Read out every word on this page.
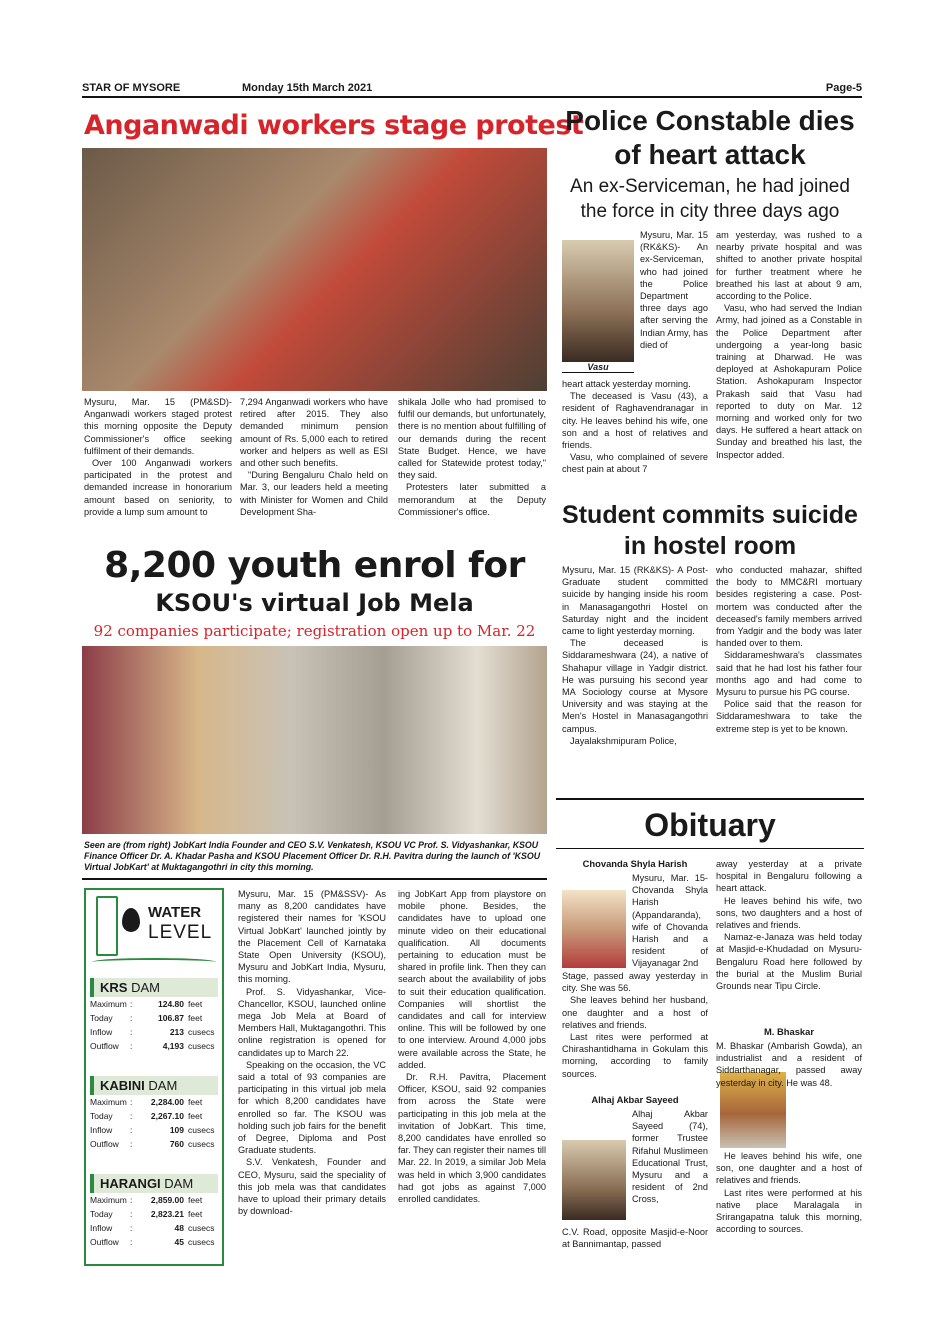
STAR OF MYSORE	Monday 15th March 2021	Page-5
Anganwadi workers stage protest

Mysuru, Mar. 15 (PM&SD)- Anganwadi workers staged protest this morning opposite the Deputy Commissioner's office seeking fulfilment of their demands.

Over 100 Anganwadi workers participated in the protest and demanded increase in honorarium amount based on seniority, to provide a lump sum amount to

7,294 Anganwadi workers who have retired after 2015. They also demanded minimum pension amount of Rs. 5,000 each to retired worker and helpers as well as ESI and other such benefits.

"During Bengaluru Chalo held on Mar. 3, our leaders held a meeting with Minister for Women and Child Development Sha-

shikala Jolle who had promised to fulfil our demands, but unfortunately, there is no mention about fulfilling of our demands during the recent State Budget. Hence, we have called for Statewide protest today," they said.

Protesters later submitted a memorandum at the Deputy Commissioner's office.

8,200 youth enrol for
KSOU's virtual Job Mela
92 companies participate; registration open up to Mar. 22
Seen are (from right) JobKart India Founder and CEO S.V. Venkatesh, KSOU VC Prof. S. Vidyashankar, KSOU Finance Officer Dr. A. Khadar Pasha and KSOU Placement Officer Dr. R.H. Pavitra during the launch of 'KSOU Virtual JobKart' at Muktagangothri in city this morning.
WATER
LEVEL
KRS DAM
Maximum :	124.80 feet
Today	:	106.87 feet
Inflow	:	213 cusecs
Outflow	:	4,193 cusecs
KABINI DAM
Maximum :	2,284.00 feet
Today	:	2,267.10 feet
Inflow	:	109 cusecs
Outflow	:	760 cusecs
HARANGI DAM
Maximum :	2,859.00 feet
Today	:	2,823.21 feet
Inflow	:	48 cusecs
Outflow	:	45 cusecs

Mysuru, Mar. 15 (PM&SSV)- As many as 8,200 candidates have registered their names for 'KSOU Virtual JobKart' launched jointly by the Placement Cell of Karnataka State Open University (KSOU), Mysuru and JobKart India, Mysuru, this morning.

Prof. S. Vidyashankar, Vice-Chancellor, KSOU, launched online mega Job Mela at Board of Members Hall, Muktagangothri. This online registration is opened for candidates up to March 22.

Speaking on the occasion, the VC said a total of 93 companies are participating in this virtual job mela for which 8,200 candidates have enrolled so far. The KSOU was holding such job fairs for the benefit of Degree, Diploma and Post Graduate students.

S.V. Venkatesh, Founder and CEO, Mysuru, said the speciality of this job mela was that candidates have to upload their primary details by download-

ing JobKart App from playstore on mobile phone. Besides, the candidates have to upload one minute video on their educational qualification. All documents pertaining to education must be shared in profile link. Then they can search about the availability of jobs to suit their education qualification. Companies will shortlist the candidates and call for interview online. This will be followed by one to one interview. Around 4,000 jobs were available across the State, he added.

Dr. R.H. Pavitra, Placement Officer, KSOU, said 92 companies from across the State were participating in this job mela at the invitation of JobKart. This time, 8,200 candidates have enrolled so far. They can register their names till Mar. 22. In 2019, a similar Job Mela was held in which 3,900 candidates had got jobs as against 7,000 enrolled candidates.

Police Constable dies of heart attack
An ex-Serviceman, he had joined the force in city three days ago
Vasu
Mysuru, Mar. 15 (RK&KS)- An ex-Serviceman, who had joined the Police Department three days ago after serving the Indian Army, has died of

heart attack yesterday morning.

The deceased is Vasu (43), a resident of Raghavendranagar in city. He leaves behind his wife, one son and a host of relatives and friends.

Vasu, who complained of severe chest pain at about 7

am yesterday, was rushed to a nearby private hospital and was shifted to another private hospital for further treatment where he breathed his last at about 9 am, according to the Police.

Vasu, who had served the Indian Army, had joined as a Constable in the Police Department after undergoing a year-long basic training at Dharwad. He was deployed at Ashokapuram Police Station. Ashokapuram Inspector Prakash said that Vasu had reported to duty on Mar. 12 morning and worked only for two days. He suffered a heart attack on Sunday and breathed his last, the Inspector added.

Student commits suicide in hostel room

Mysuru, Mar. 15 (RK&KS)- A Post-Graduate student committed suicide by hanging inside his room in Manasagangothri Hostel on Saturday night and the incident came to light yesterday morning.

The deceased is Siddarameshwara (24), a native of Shahapur village in Yadgir district. He was pursuing his second year MA Sociology course at Mysore University and was staying at the Men's Hostel in Manasagangothri campus.

Jayalakshmipuram Police,

who conducted mahazar, shifted the body to MMC&RI mortuary besides registering a case. Post-mortem was conducted after the deceased's family members arrived from Yadgir and the body was later handed over to them.

Siddarameshwara's classmates said that he had lost his father four months ago and had come to Mysuru to pursue his PG course.

Police said that the reason for Siddarameshwara to take the extreme step is yet to be known.

Obituary
Chovanda Shyla Harish
Mysuru, Mar. 15- Chovanda Shyla Harish (Appandaranda), wife of Chovanda Harish and a resident of Vijayanagar 2nd

Stage, passed away yesterday in city. She was 56.

She leaves behind her husband, one daughter and a host of relatives and friends.

Last rites were performed at Chirashantidhama in Gokulam this morning, according to family sources.

Alhaj Akbar Sayeed
Alhaj Akbar Sayeed (74), former Trustee Rifahul Muslimeen Educational Trust, Mysuru and a resident of 2nd Cross,

C.V. Road, opposite Masjid-e-Noor at Bannimantap, passed

away yesterday at a private hospital in Bengaluru following a heart attack.

He leaves behind his wife, two sons, two daughters and a host of relatives and friends.

Namaz-e-Janaza was held today at Masjid-e-Khudadad on Mysuru-Bengaluru Road here followed by the burial at the Muslim Burial Grounds near Tipu Circle.

M. Bhaskar

M. Bhaskar (Ambarish Gowda), an industrialist and a resident of Siddarthanagar, passed away yesterday in city. He was 48.

He leaves behind his wife, one son, one daughter and a host of relatives and friends.

Last rites were performed at his native place Maralagala in Srirangapatna taluk this morning, according to sources.
